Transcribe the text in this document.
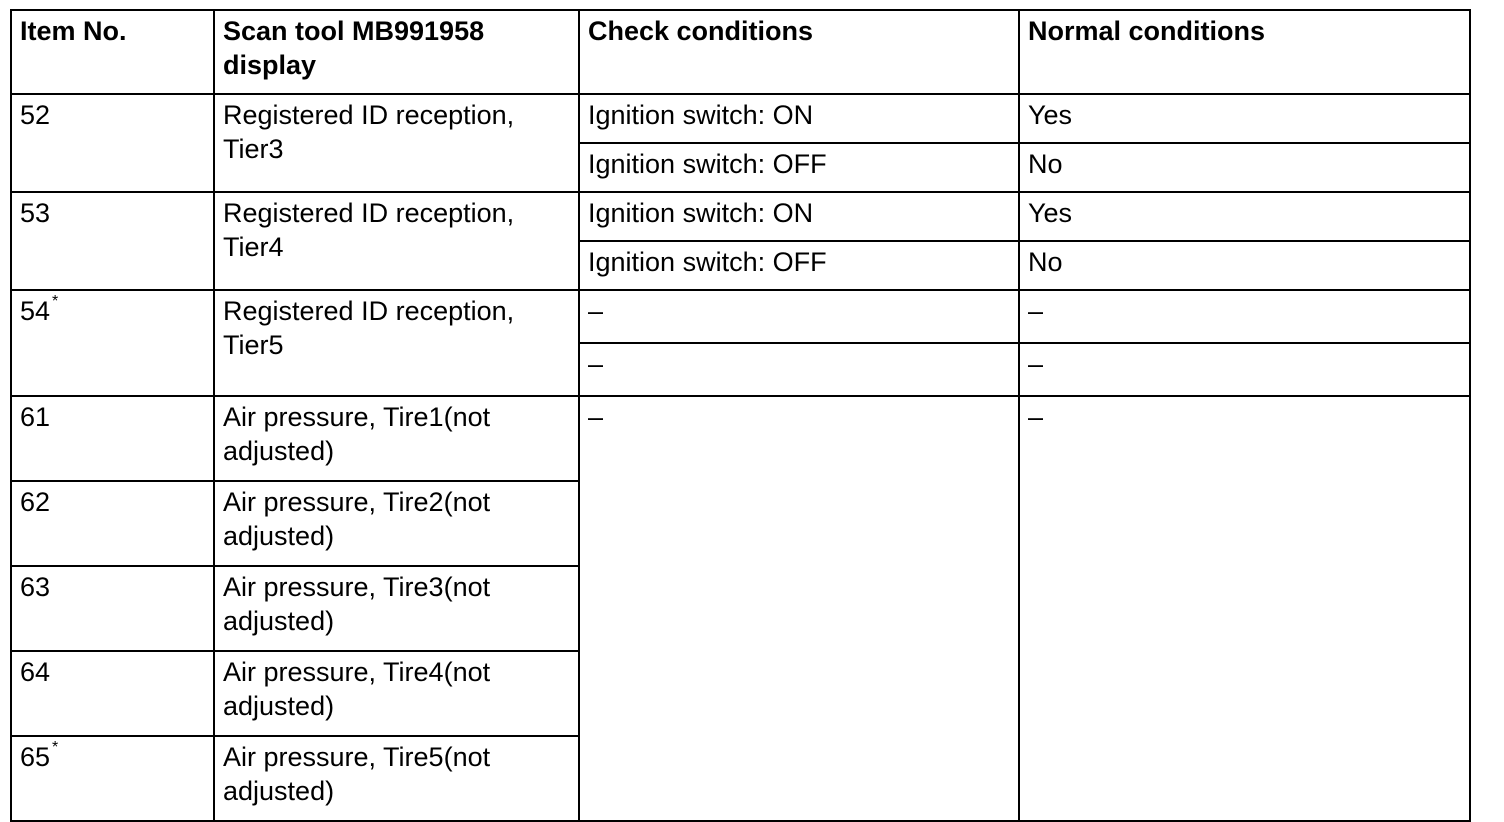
Item No.	Scan tool MB991958 display	Check conditions	Normal conditions
52	Registered ID reception, Tier3	Ignition switch: ON	Yes
		Ignition switch: OFF	No
53	Registered ID reception, Tier4	Ignition switch: ON	Yes
		Ignition switch: OFF	No
54 *	Registered ID reception, Tier5	–	–
		–	–
61	Air pressure, Tire1(not adjusted)	–	–
62	Air pressure, Tire2(not adjusted)		
63	Air pressure, Tire3(not adjusted)		
64	Air pressure, Tire4(not adjusted)		
65 *	Air pressure, Tire5(not adjusted)		
